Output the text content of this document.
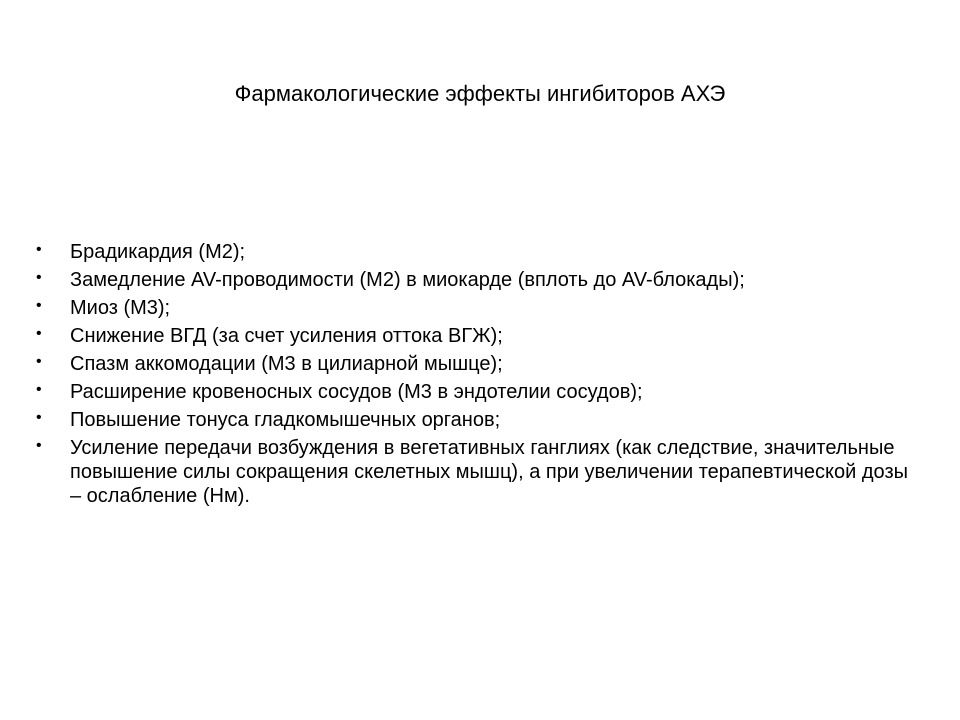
Фармакологические эффекты ингибиторов АХЭ
• Брадикардия (М2);
• Замедление AV-проводимости (М2) в миокарде (вплоть до AV-блокады);
• Миоз (М3);
• Снижение ВГД (за счет усиления оттока ВГЖ);
• Спазм аккомодации (М3 в цилиарной мышце);
• Расширение кровеносных сосудов (М3 в эндотелии сосудов);
• Повышение тонуса гладкомышечных органов;
• Усиление передачи возбуждения в вегетативных ганглиях (как следствие, значительные повышение силы сокращения скелетных мышц), а при увеличении терапевтической дозы – ослабление (Нм).
